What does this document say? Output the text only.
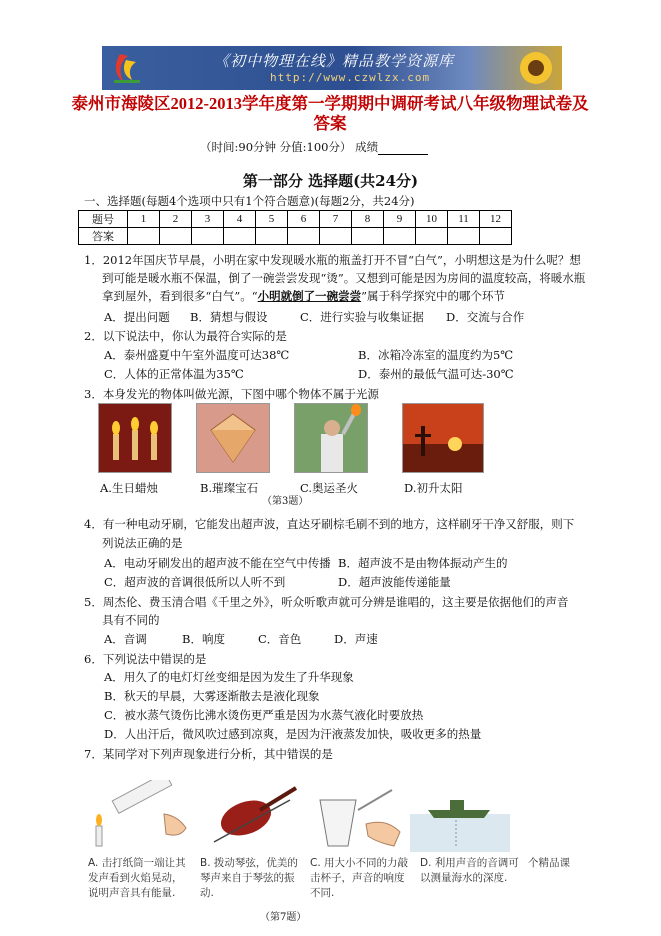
《初中物理在线》精品教学资源库
http://www.czwlzx.com
泰州市海陵区2012-2013学年度第一学期期中调研考试八年级物理试卷及
答案
（时间:90分钟 分值:100分） 成绩
第一部分 选择题(共24分)
一、选择题(每题4个选项中只有1个符合题意)(每题2分，共24分)
题号	1	2	3	4	5	6	7	8	9	10	11	12
答案												
1．2012年国庆节早晨，小明在家中发现暖水瓶的瓶盖打开不冒“白气”，小明想这是为什么呢？想
到可能是暖水瓶不保温，倒了一碗尝尝发现“烫”。又想到可能是因为房间的温度较高，将暖水瓶
拿到屋外，看到很多“白气”。“小明就倒了一碗尝尝”属于科学探究中的哪个环节
A．提出问题 B．猜想与假设	C．进行实验与收集证据 D．交流与合作
2．以下说法中，你认为最符合实际的是
A．泰州盛夏中午室外温度可达38℃	B．冰箱冷冻室的温度约为5℃
C．人体的正常体温为35℃	D．泰州的最低气温可达-30℃
3．本身发光的物体叫做光源，下图中哪个物体不属于光源
A.生日蜡烛	B.璀璨宝石	C.奥运圣火	D.初升太阳
（第3题）
4．有一种电动牙刷，它能发出超声波，直达牙刷棕毛刷不到的地方，这样刷牙干净又舒服，则下
列说法正确的是
A．电动牙刷发出的超声波不能在空气中传播 B．超声波不是由物体振动产生的
C．超声波的音调很低所以人听不到	D．超声波能传递能量
5．周杰伦、费玉清合唱《千里之外》，听众听歌声就可分辨是谁唱的，这主要是依据他们的声音
具有不同的
A．音调	B．响度	C．音色	D．声速
6．下列说法中错误的是
A．用久了的电灯灯丝变细是因为发生了升华现象
B．秋天的早晨，大雾逐渐散去是液化现象
C．被水蒸气烫伤比沸水烫伤更严重是因为水蒸气液化时要放热
D．人出汗后，微风吹过感到凉爽，是因为汗液蒸发加快，吸收更多的热量
7．某同学对下列声现象进行分析，其中错误的是
A. 击打纸筒一端让其发声看到火焰晃动，说明声音具有能量.
B. 拨动琴弦，优美的琴声来自于琴弦的振动.
C. 用大小不同的力敲击杯子，声音的响度不同.
D. 利用声音的音调可以测量海水的深度.
个精品课
（第7题）
